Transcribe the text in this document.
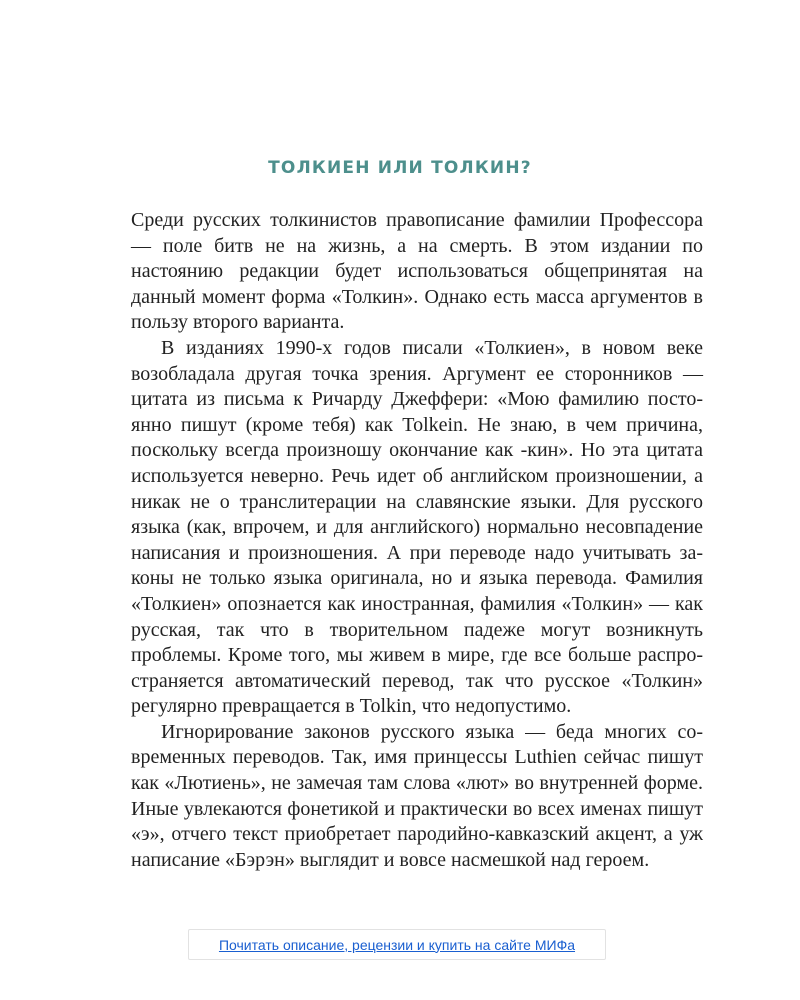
ТОЛКИЕН ИЛИ ТОЛКИН?

Среди русских толкинистов правописание фамилии Профессора — поле битв не на жизнь, а на смерть. В этом издании по настоянию редакции будет использоваться общепринятая на данный момент форма «Толкин». Однако есть масса аргументов в пользу второго варианта.

В изданиях 1990-х годов писали «Толкиен», в новом веке возобладала другая точка зрения. Аргумент ее сторонников — цитата из письма к Ричарду Джеффери: «Мою фамилию постоянно пишут (кроме тебя) как Tolkein. Не знаю, в чем причина, поскольку всегда произношу окончание как -кин». Но эта цитата используется неверно. Речь идет об английском произношении, а никак не о транслитерации на славянские языки. Для русского языка (как, впрочем, и для английского) нормально несовпадение написания и произношения. А при переводе надо учитывать законы не только языка оригинала, но и языка перевода. Фамилия «Толкиен» опознается как иностранная, фамилия «Толкин» — как русская, так что в творительном падеже могут возникнуть проблемы. Кроме того, мы живем в мире, где все больше распространяется автоматический перевод, так что русское «Толкин» регулярно превращается в Tolkin, что недопустимо.

Игнорирование законов русского языка — беда многих современных переводов. Так, имя принцессы Luthien сейчас пишут как «Лютиень», не замечая там слова «лют» во внутренней форме. Иные увлекаются фонетикой и практически во всех именах пишут «э», отчего текст приобретает пародийно-кавказский акцент, а уж написание «Бэрэн» выглядит и вовсе насмешкой над героем.

Почитать описание, рецензии и купить на сайте МИФа
